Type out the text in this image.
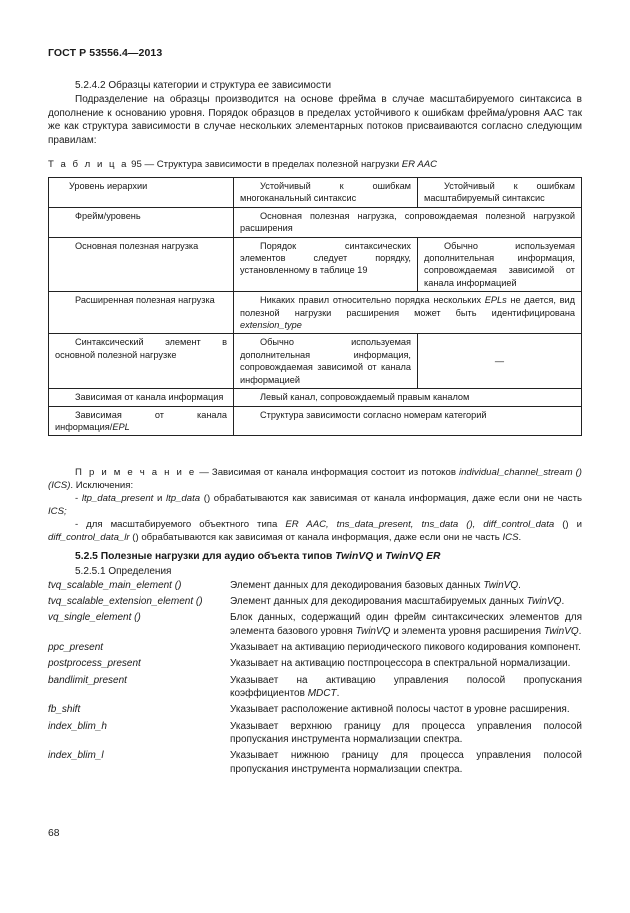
ГОСТ Р 53556.4—2013
5.2.4.2 Образцы категории и структура ее зависимости
Подразделение на образцы производится на основе фрейма в случае масштабируемого синтаксиса в дополнение к основанию уровня. Порядок образцов в пределах устойчивого к ошибкам фрейма/уровня AAC так же как структура зависимости в случае нескольких элементарных потоков присваиваются согласно следующим правилам:
Т а б л и ц а 95 — Структура зависимости в пределах полезной нагрузки ER AAC
Уровень иерархии	Устойчивый к ошибкам многоканальный синтаксис	Устойчивый к ошибкам масштабируемый синтаксис
Фрейм/уровень	Основная полезная нагрузка, сопровождаемая полезной нагрузкой расширения	
Основная полезная нагрузка	Порядок синтаксических элементов следует порядку, установленному в таблице 19	Обычно используемая дополнительная информация, сопровождаемая зависимой от канала информацией
Расширенная полезная нагрузка	Никаких правил относительно порядка нескольких EPLs не дается, вид полезной нагрузки расширения может быть идентифицирована extension_type	
Синтаксический элемент в основной полезной нагрузке	Обычно используемая дополнительная информация, сопровождаемая зависимой от канала информацией	—
Зависимая от канала информация	Левый канал, сопровождаемый правым каналом	
Зависимая от канала информация/EPL	Структура зависимости согласно номерам категорий	
П р и м е ч а н и е — Зависимая от канала информация состоит из потоков individual_channel_stream () (ICS). Исключения:
- ltp_data_present и ltp_data () обрабатываются как зависимая от канала информация, даже если они не часть ICS;
- для масштабируемого объектного типа ER AAC, tns_data_present, tns_data (), diff_control_data () и diff_control_data_lr () обрабатываются как зависимая от канала информация, даже если они не часть ICS.
5.2.5 Полезные нагрузки для аудио объекта типов TwinVQ и TwinVQ ER
5.2.5.1 Определения
tvq_scalable_main_element ()	Элемент данных для декодирования базовых данных TwinVQ.
tvq_scalable_extension_element ()	Элемент данных для декодирования масштабируемых данных TwinVQ.
vq_single_element ()	Блок данных, содержащий один фрейм синтаксических элементов для элемента базового уровня TwinVQ и элемента уровня расширения TwinVQ.
ppc_present	Указывает на активацию периодического пикового кодирования компонент.
postprocess_present	Указывает на активацию постпроцессора в спектральной нормализации.
bandlimit_present	Указывает на активацию управления полосой пропускания коэффициентов MDCT.
fb_shift	Указывает расположение активной полосы частот в уровне расширения.
index_blim_h	Указывает верхнюю границу для процесса управления полосой пропускания инструмента нормализации спектра.
index_blim_l	Указывает нижнюю границу для процесса управления полосой пропускания инструмента нормализации спектра.
68
